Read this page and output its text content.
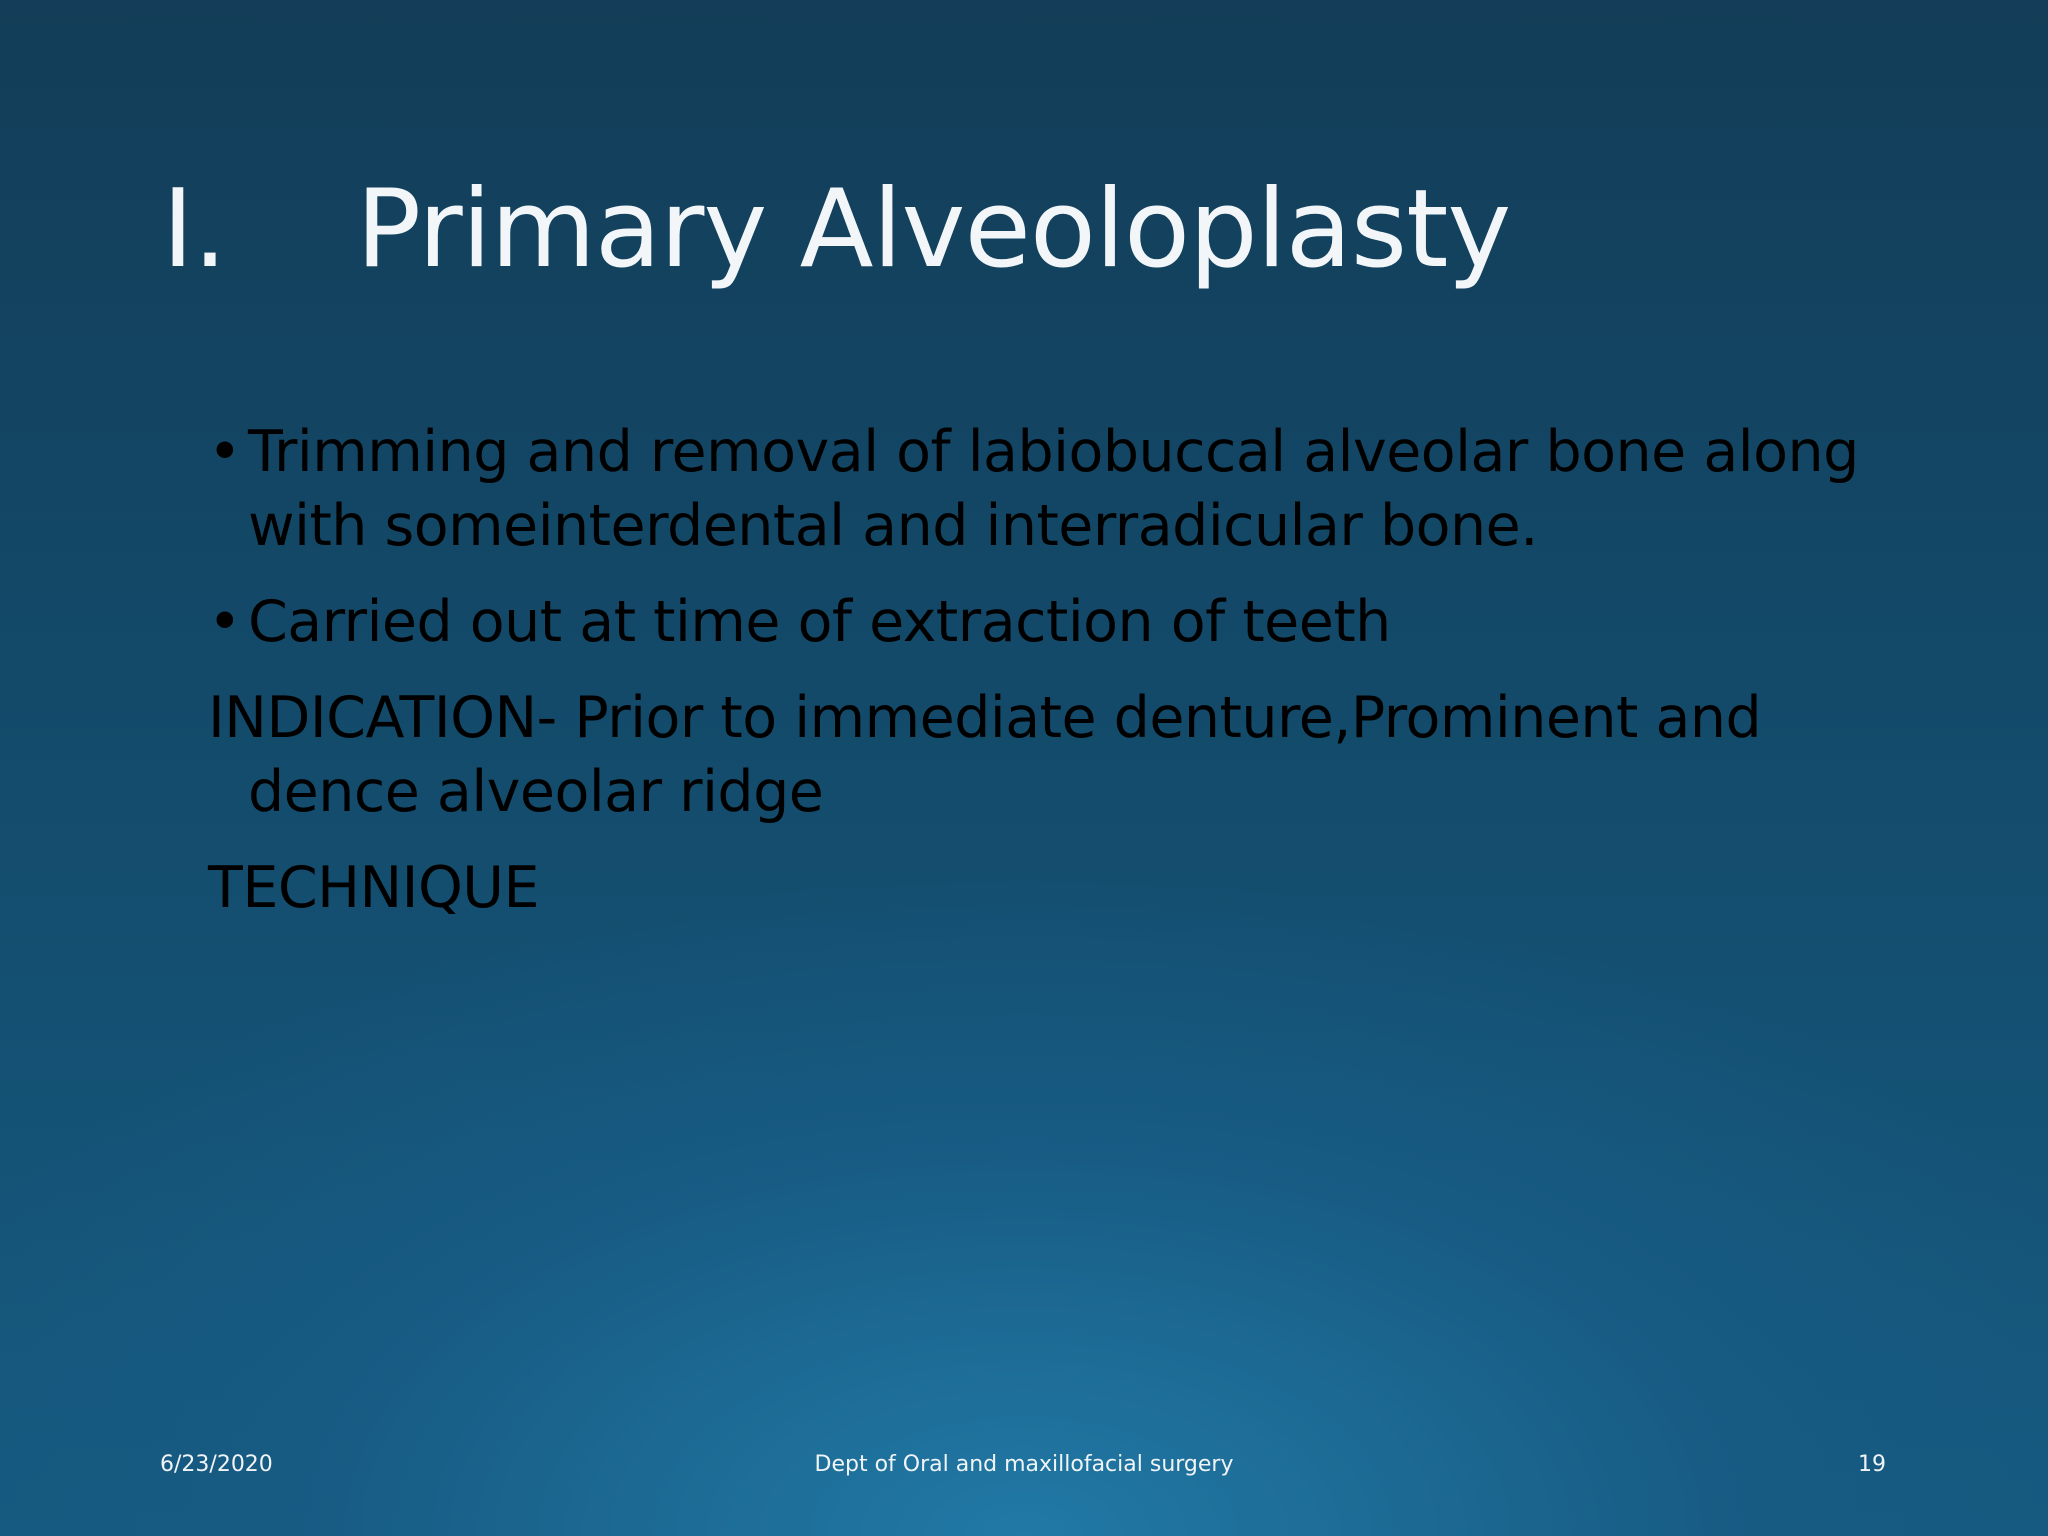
I. Primary Alveoloplasty
• Trimming and removal of labiobuccal alveolar bone along with someinterdental and interradicular bone.
• Carried out at time of extraction of teeth
INDICATION- Prior to immediate denture,Prominent and
dence alveolar ridge
TECHNIQUE
6/23/2020	Dept of Oral and maxillofacial surgery	19
